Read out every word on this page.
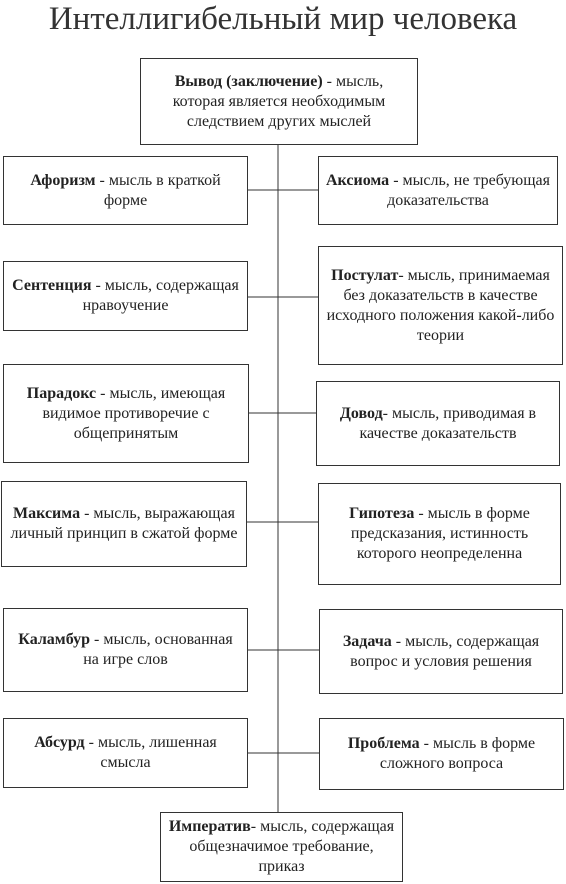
Интеллигибельный мир человека

Вывод (заключение) - мысль, которая является необходимым следствием других мыслей

Афоризм - мысль в краткой форме

Аксиома - мысль, не требующая доказательства

Сентенция - мысль, содержащая нравоучение

Постулат- мысль, принимаемая без доказательств в качестве исходного положения какой-либо теории

Парадокс - мысль, имеющая видимое противоречие с общепринятым

Довод- мысль, приводимая в качестве доказательств

Максима - мысль, выражающая личный принцип в сжатой форме

Гипотеза - мысль в форме предсказания, истинность которого неопределенна

Каламбур - мысль, основанная на игре слов

Задача - мысль, содержащая вопрос и условия решения

Абсурд - мысль, лишенная смысла

Проблема - мысль в форме сложного вопроса

Императив- мысль, содержащая общезначимое требование, приказ
